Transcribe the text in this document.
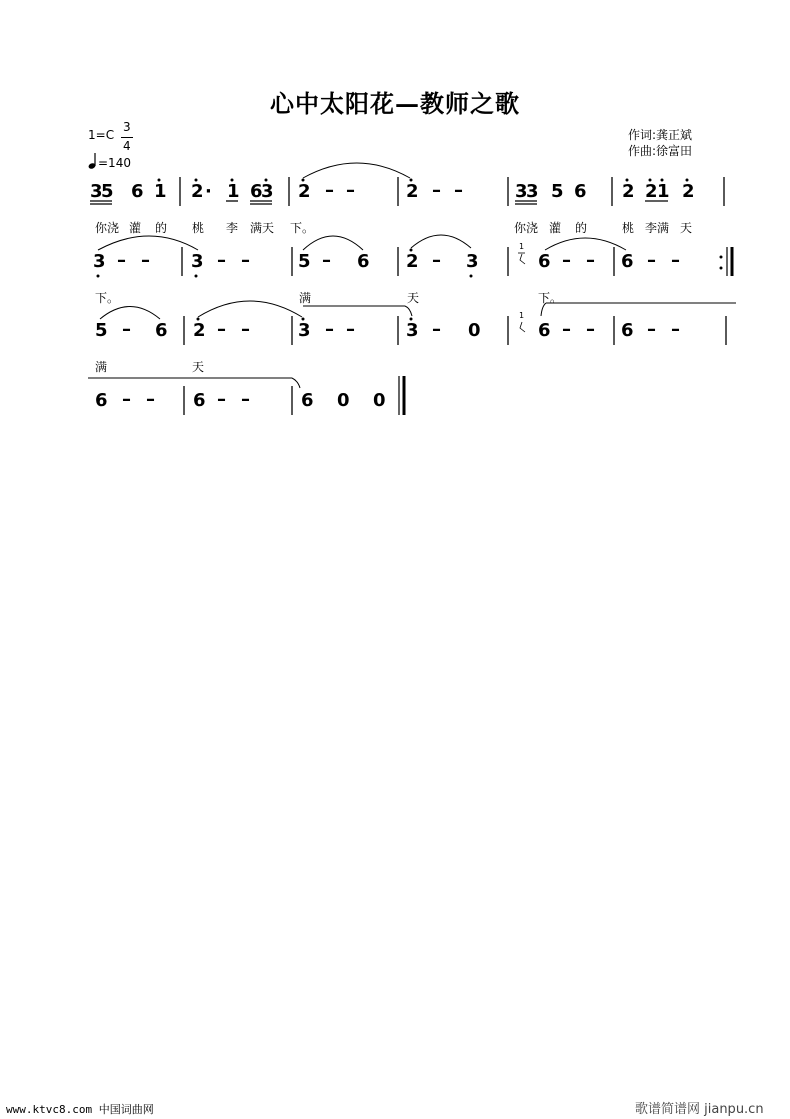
心中太阳花—教师之歌
1=C
3
4
=140
作词:龚正斌
作曲:徐富田
3
5 6 1 2 · 1 6
3 2 – –	2 – –	3
3 5 6 2 2 1 2
3 – – 3 – –	5 – 6 2 – 3
1
6 – – 6 – –
5 – 6 2 – –	3 – –	3 – 0
1
6 – – 6 – –
6 – – 6 – –	6 0 0
你浇 灌 的 桃 李 满天 下。	你浇 灌 的	桃 李满 天
下。	满	天	下。
满	天
www.ktvc8.com 中国词曲网	歌谱简谱网 jianpu.cn
